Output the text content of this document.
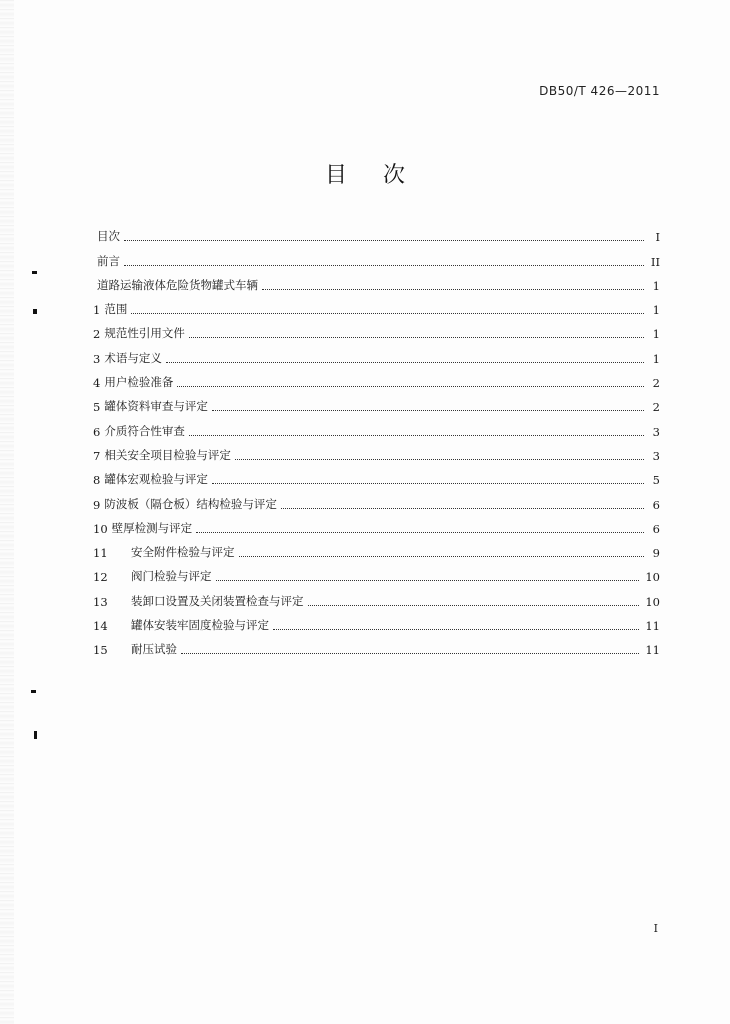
DB50/T 426—2011
目次
目次	I
前言	II
道路运输液体危险货物罐式车辆	1
1 范围	1
2 规范性引用文件	1
3 术语与定义	1
4 用户检验准备	2
5 罐体资料审查与评定	2
6 介质符合性审查	3
7 相关安全项目检验与评定	3
8 罐体宏观检验与评定	5
9 防波板（隔仓板）结构检验与评定	6
10 壁厚检测与评定	6
11	安全附件检验与评定	9
12	阀门检验与评定	10
13	装卸口设置及关闭装置检查与评定	10
14	罐体安装牢固度检验与评定	11
15	耐压试验	11
I
